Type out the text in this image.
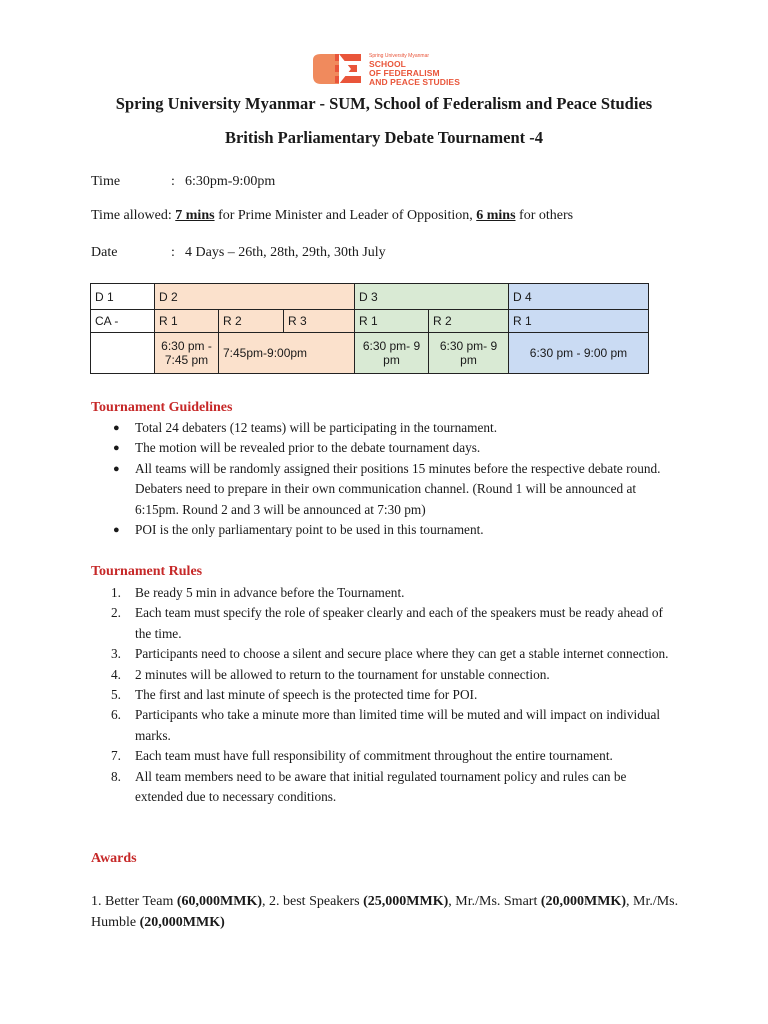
Spring University Myanmar
SCHOOL
OF FEDERALISM
AND PEACE STUDIES
Spring University Myanmar - SUM, School of Federalism and Peace Studies
British Parliamentary Debate Tournament -4
Time	: 6:30pm-9:00pm
Time allowed: 7 mins for Prime Minister and Leader of Opposition, 6 mins for others
Date	: 4 Days – 26th, 28th, 29th, 30th July
D 1	D 2			D 3		D 4
CA -	R 1	R 2	R 3	R 1	R 2	R 1
	6:30 pm - 7:45 pm	7:45pm-9:00pm		6:30 pm- 9 pm	6:30 pm- 9 pm	6:30 pm - 9:00 pm
Tournament Guidelines
● Total 24 debaters (12 teams) will be participating in the tournament.
● The motion will be revealed prior to the debate tournament days.
● All teams will be randomly assigned their positions 15 minutes before the respective debate round. Debaters need to prepare in their own communication channel. (Round 1 will be announced at 6:15pm. Round 2 and 3 will be announced at 7:30 pm)
● POI is the only parliamentary point to be used in this tournament.
Tournament Rules
1. Be ready 5 min in advance before the Tournament.
2. Each team must specify the role of speaker clearly and each of the speakers must be ready ahead of the time.
3. Participants need to choose a silent and secure place where they can get a stable internet connection.
4. 2 minutes will be allowed to return to the tournament for unstable connection.
5. The first and last minute of speech is the protected time for POI.
6. Participants who take a minute more than limited time will be muted and will impact on individual marks.
7. Each team must have full responsibility of commitment throughout the entire tournament.
8. All team members need to be aware that initial regulated tournament policy and rules can be extended due to necessary conditions.
Awards
1. Better Team (60,000MMK), 2. best Speakers (25,000MMK), Mr./Ms. Smart (20,000MMK), Mr./Ms. Humble (20,000MMK)
